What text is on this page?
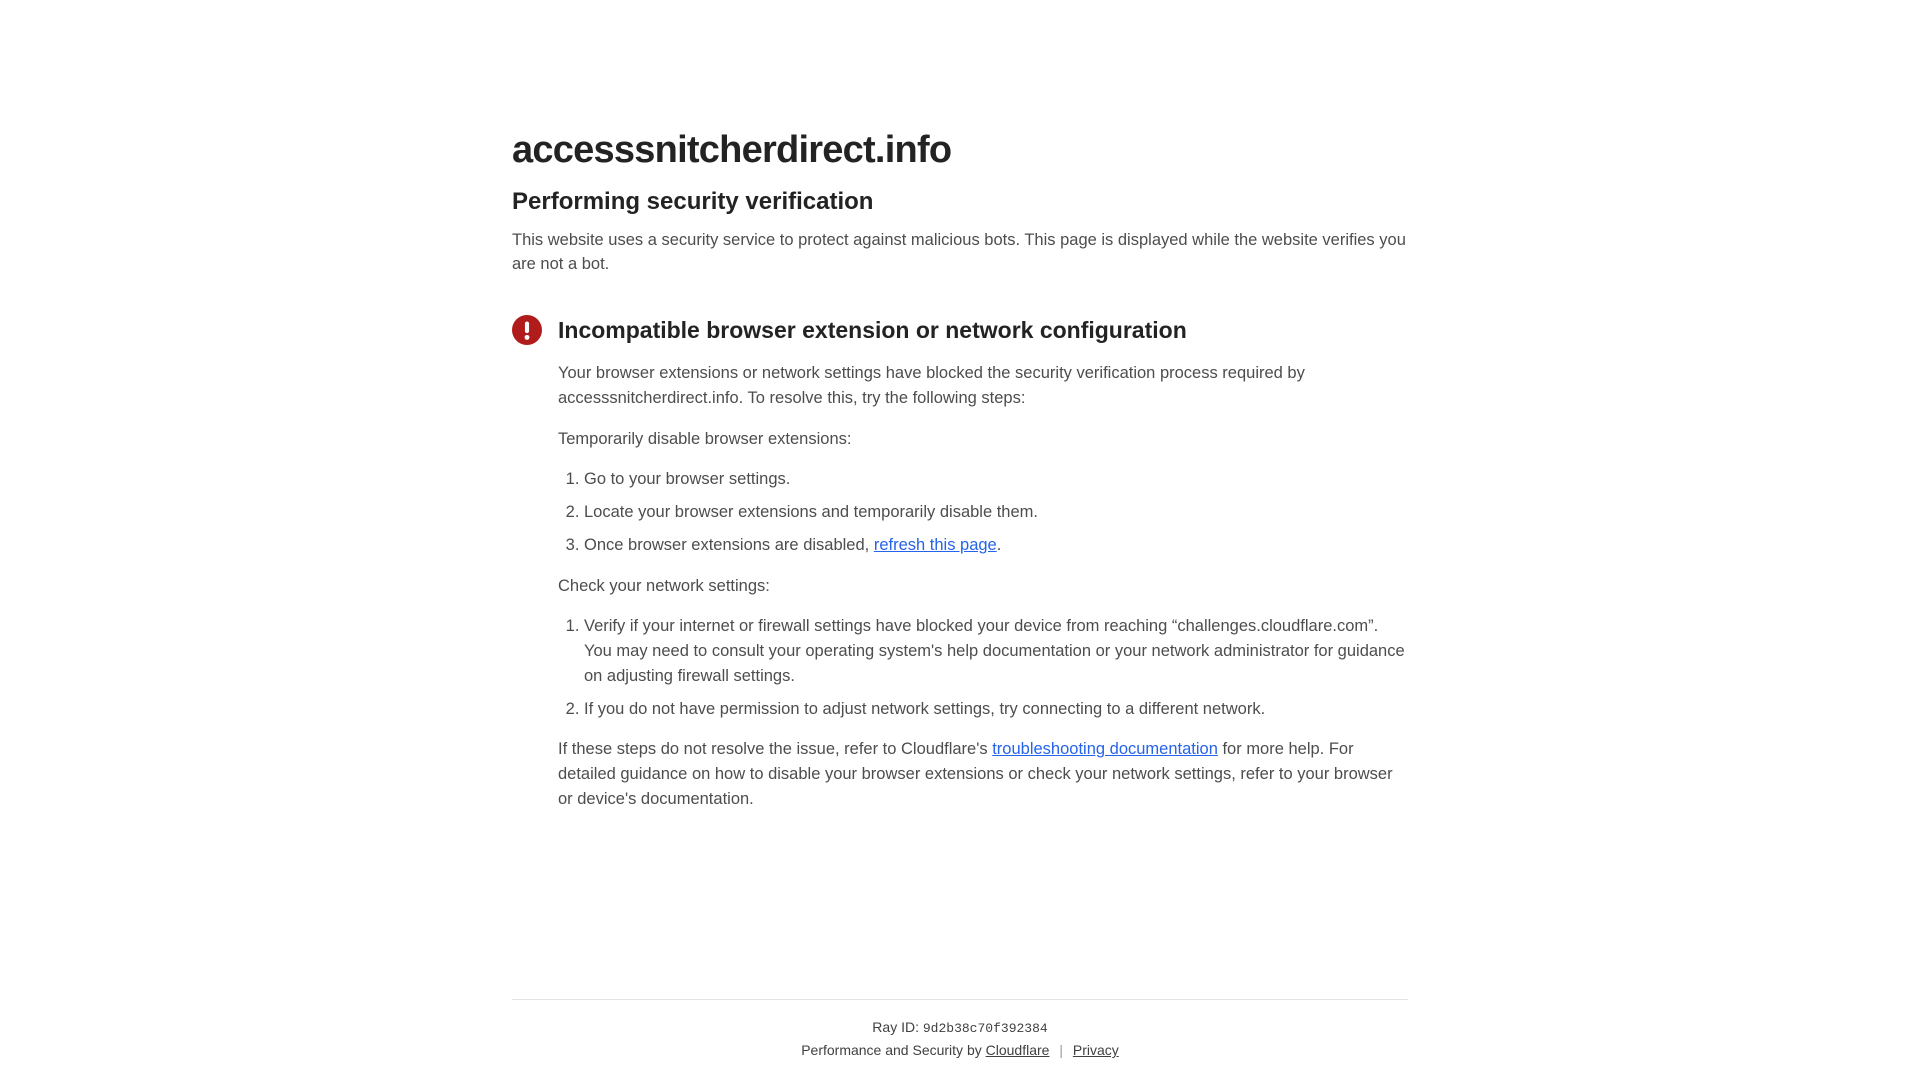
accesssnitcherdirect.info
Performing security verification

This website uses a security service to protect against malicious bots. This page is displayed while the website verifies you are not a bot.

Incompatible browser extension or network configuration

Your browser extensions or network settings have blocked the security verification process required by accesssnitcherdirect.info. To resolve this, try the following steps:

Temporarily disable browser extensions:

1. Go to your browser settings.
2. Locate your browser extensions and temporarily disable them.
3. Once browser extensions are disabled, refresh this page.

Check your network settings:

1. Verify if your internet or firewall settings have blocked your device from reaching “challenges.cloudflare.com”. You may need to consult your operating system's help documentation or your network administrator for guidance on adjusting firewall settings.
2. If you do not have permission to adjust network settings, try connecting to a different network.

If these steps do not resolve the issue, refer to Cloudflare's troubleshooting documentation for more help. For detailed guidance on how to disable your browser extensions or check your network settings, refer to your browser or device's documentation.

Ray ID: 9d2b38c70f392384
Performance and Security by Cloudflare | Privacy
